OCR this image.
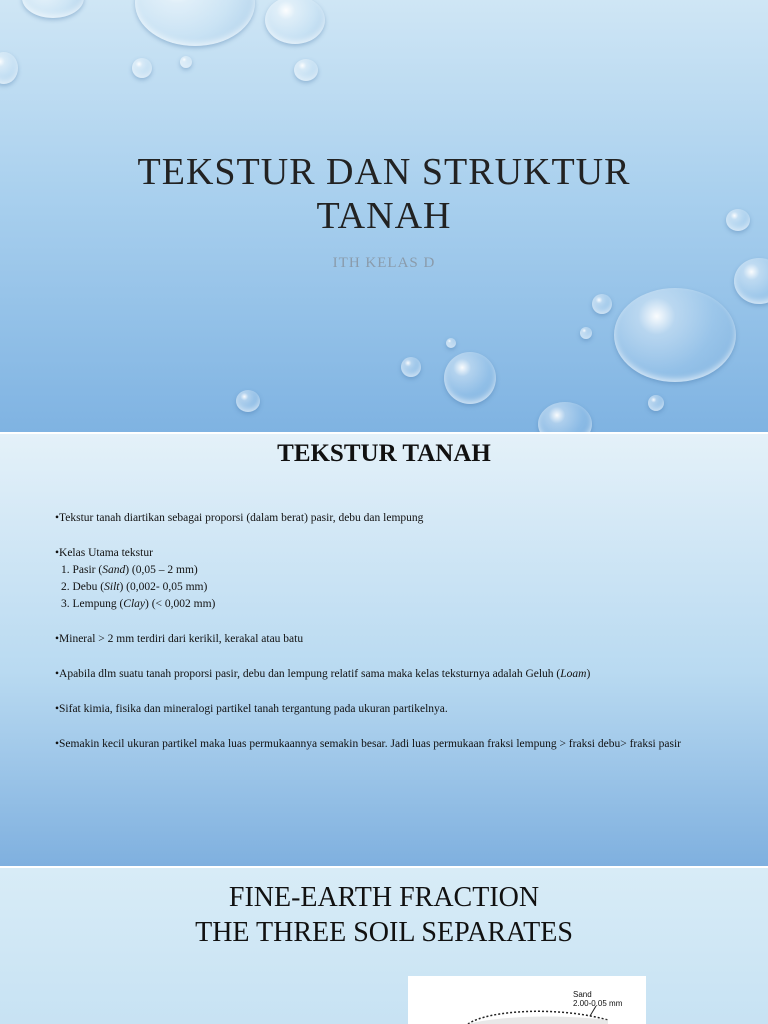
TEKSTUR DAN STRUKTUR
TANAH
ITH KELAS D
TEKSTUR TANAH

•Tekstur tanah diartikan sebagai proporsi (dalam berat) pasir, debu dan lempung

•Kelas Utama tekstur

1. Pasir (Sand) (0,05 – 2 mm)

2. Debu (Silt) (0,002- 0,05 mm)

3. Lempung (Clay) (< 0,002 mm)

•Mineral > 2 mm terdiri dari kerikil, kerakal atau batu

•Apabila dlm suatu tanah proporsi pasir, debu dan lempung relatif sama maka kelas teksturnya adalah Geluh (Loam)

•Sifat kimia, fisika dan mineralogi partikel tanah tergantung pada ukuran partikelnya.

•Semakin kecil ukuran partikel maka luas permukaannya semakin besar. Jadi luas permukaan fraksi lempung > fraksi debu> fraksi pasir

FINE-EARTH FRACTION
THE THREE SOIL SEPARATES
Sand
2.00-0.05 mm
